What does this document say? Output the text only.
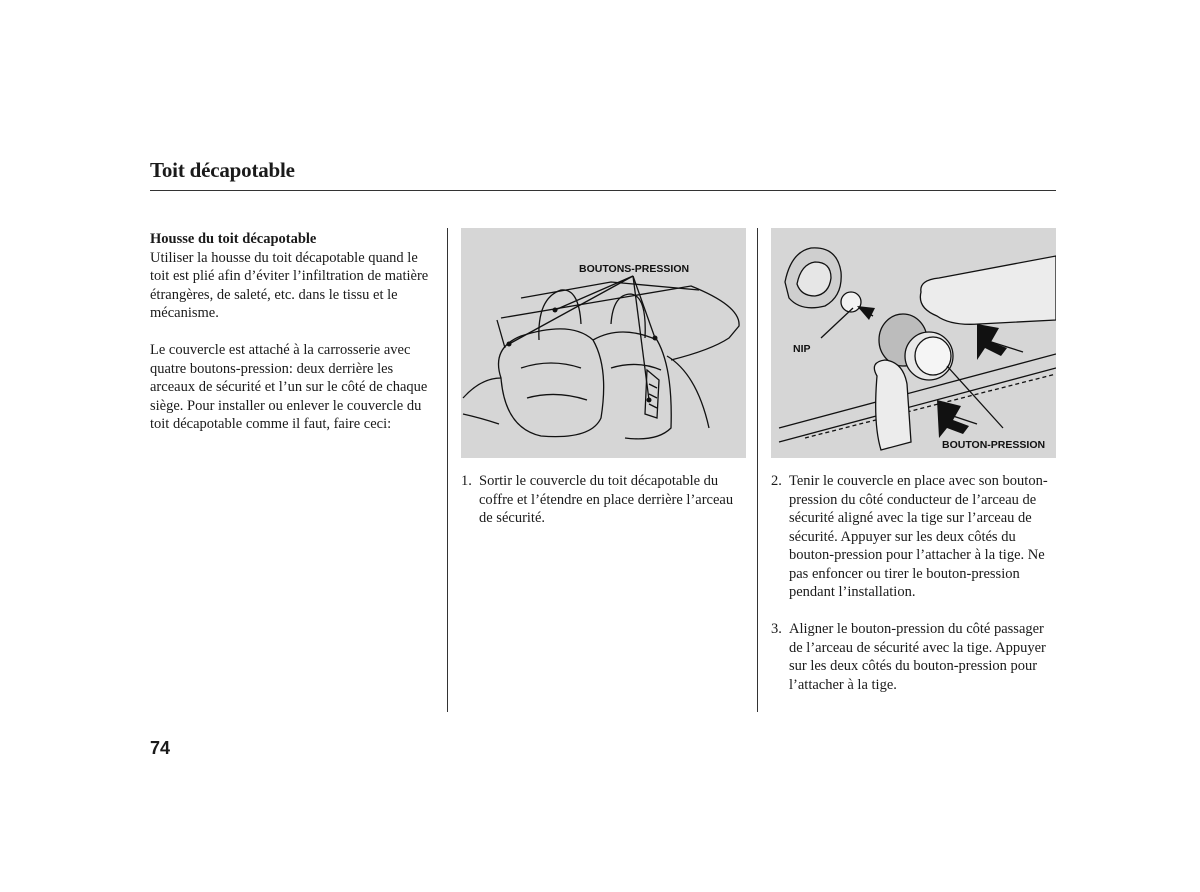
Toit décapotable

Housse du toit décapotable

Utiliser la housse du toit décapotable quand le toit est plié afin d’éviter l’infiltration de matière étrangères, de saleté, etc. dans le tissu et le mécanisme.

Le couvercle est attaché à la carrosserie avec quatre boutons-pression: deux derrière les arceaux de sécurité et l’un sur le côté de chaque siège. Pour installer ou enlever le couvercle du toit décapotable comme il faut, faire ceci:

BOUTONS-PRESSION
NIP
BOUTON-PRESSION
1. Sortir le couvercle du toit décapotable du coffre et l’étendre en place derrière l’arceau de sécurité.
2. Tenir le couvercle en place avec son bouton-pression du côté conducteur de l’arceau de sécurité aligné avec la tige sur l’arceau de sécurité. Appuyer sur les deux côtés du bouton-pression pour l’attacher à la tige. Ne pas enfoncer ou tirer le bouton-pression pendant l’installation.
3. Aligner le bouton-pression du côté passager de l’arceau de sécurité avec la tige. Appuyer sur les deux côtés du bouton-pression pour l’attacher à la tige.
74
